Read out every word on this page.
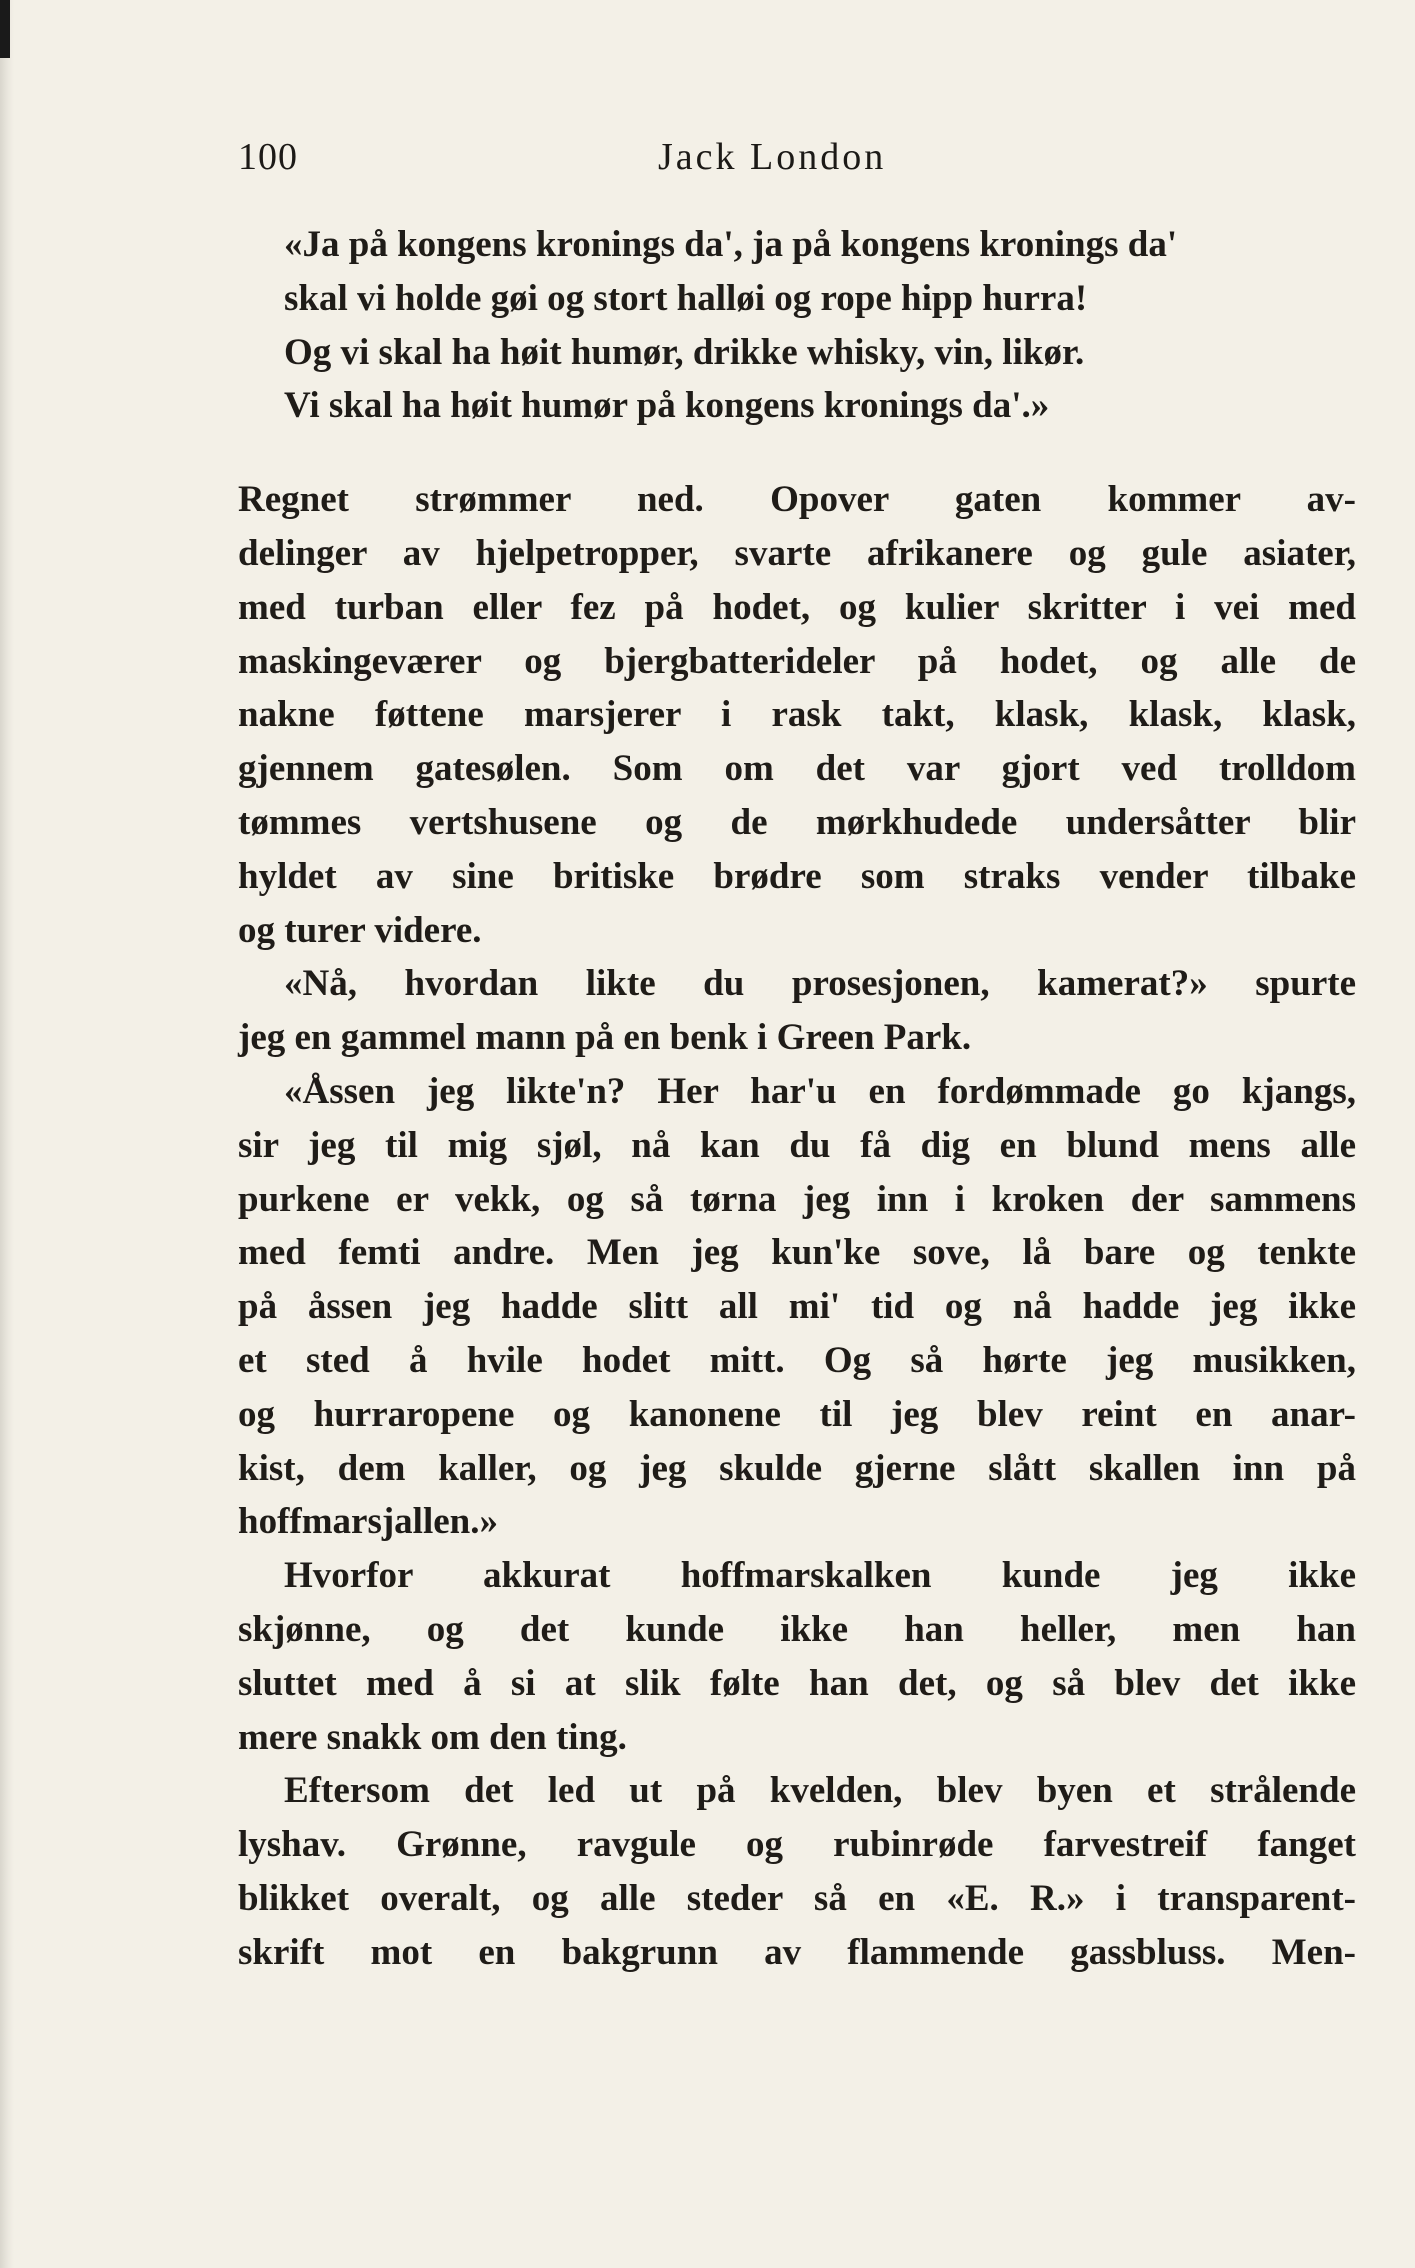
100	Jack London
«Ja på kongens kronings da', ja på kongens kronings da'
skal vi holde gøi og stort halløi og rope hipp hurra!
Og vi skal ha høit humør, drikke whisky, vin, likør.
Vi skal ha høit humør på kongens kronings da'.»
Regnet strømmer ned. Opover gaten kommer av-
delinger av hjelpetropper, svarte afrikanere og gule asiater,
med turban eller fez på hodet, og kulier skritter i vei med
maskingeværer og bjergbatterideler på hodet, og alle de
nakne føttene marsjerer i rask takt, klask, klask, klask,
gjennem gatesølen. Som om det var gjort ved trolldom
tømmes vertshusene og de mørkhudede undersåtter blir
hyldet av sine britiske brødre som straks vender tilbake
og turer videre.
«Nå, hvordan likte du prosesjonen, kamerat?» spurte
jeg en gammel mann på en benk i Green Park.
«Åssen jeg likte'n? Her har'u en fordømmade go kjangs,
sir jeg til mig sjøl, nå kan du få dig en blund mens alle
purkene er vekk, og så tørna jeg inn i kroken der sammens
med femti andre. Men jeg kun'ke sove, lå bare og tenkte
på åssen jeg hadde slitt all mi' tid og nå hadde jeg ikke
et sted å hvile hodet mitt. Og så hørte jeg musikken,
og hurraropene og kanonene til jeg blev reint en anar-
kist, dem kaller, og jeg skulde gjerne slått skallen inn på
hoffmarsjallen.»
Hvorfor akkurat hoffmarskalken kunde jeg ikke
skjønne, og det kunde ikke han heller, men han
sluttet med å si at slik følte han det, og så blev det ikke
mere snakk om den ting.
Eftersom det led ut på kvelden, blev byen et strålende
lyshav. Grønne, ravgule og rubinrøde farvestreif fanget
blikket overalt, og alle steder så en «E. R.» i transparent-
skrift mot en bakgrunn av flammende gassbluss. Men-
